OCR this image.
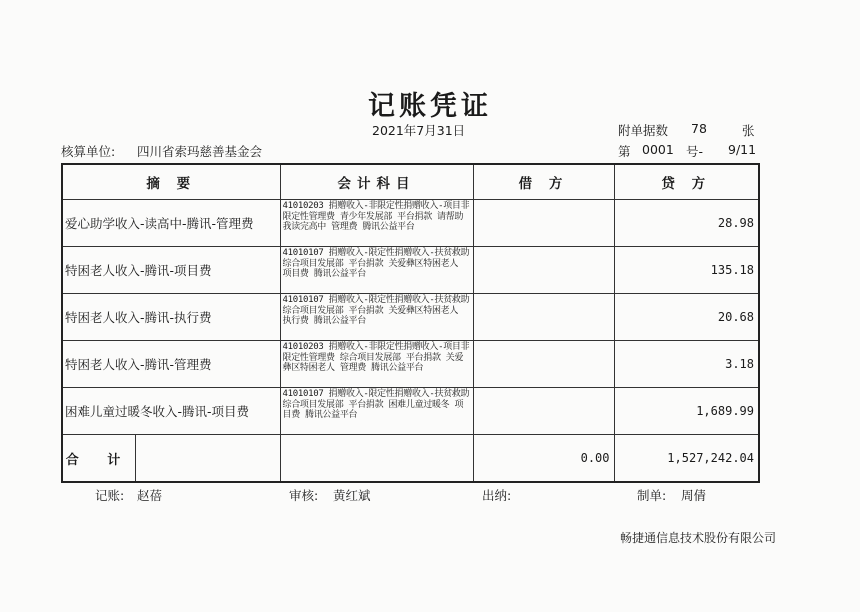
记账凭证
2021年7月31日	附单据数 78	张
核算单位: 四川省索玛慈善基金会	第 0001 号- 9/11
摘 要	会计科目	借 方	贷 方
爱心助学收入-读高中-腾讯-管理费	41010203 捐赠收入-非限定性捐赠收入-项目非限定性管理费 青少年发展部 平台捐款 请帮助我读完高中 管理费 腾讯公益平台		28.98
特困老人收入-腾讯-项目费	41010107 捐赠收入-限定性捐赠收入-扶贫救助 综合项目发展部 平台捐款 关爱彝区特困老人 项目费 腾讯公益平台		135.18
特困老人收入-腾讯-执行费	41010107 捐赠收入-限定性捐赠收入-扶贫救助 综合项目发展部 平台捐款 关爱彝区特困老人 执行费 腾讯公益平台		20.68
特困老人收入-腾讯-管理费	41010203 捐赠收入-非限定性捐赠收入-项目非限定性管理费 综合项目发展部 平台捐款 关爱彝区特困老人 管理费 腾讯公益平台		3.18
困难儿童过暖冬收入-腾讯-项目费	41010107 捐赠收入-限定性捐赠收入-扶贫救助 综合项目发展部 平台捐款 困难儿童过暖冬 项目费 腾讯公益平台		1,689.99

合 计		0.00	1,527,242.04
记账: 赵蓓	审核: 黄红斌	出纳:	制单: 周倩
畅捷通信息技术股份有限公司
